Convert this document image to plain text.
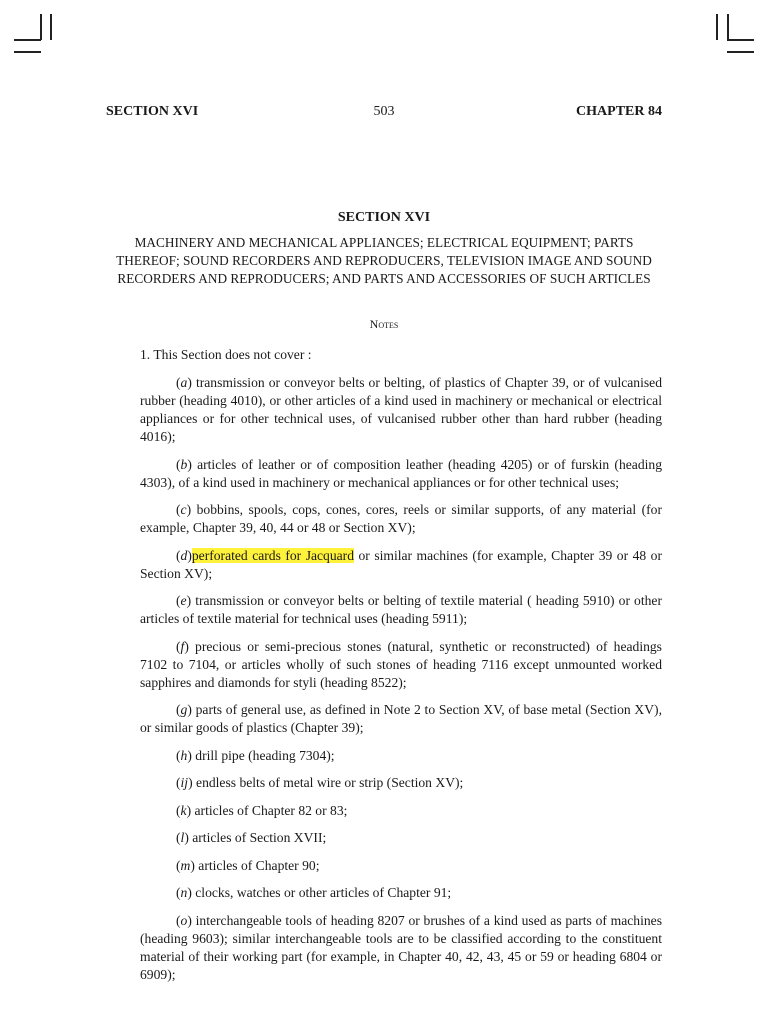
SECTION XVI	503	CHAPTER 84
SECTION XVI
MACHINERY AND MECHANICAL APPLIANCES; ELECTRICAL EQUIPMENT; PARTS THEREOF; SOUND RECORDERS AND REPRODUCERS, TELEVISION IMAGE AND SOUND RECORDERS AND REPRODUCERS; AND PARTS AND ACCESSORIES OF SUCH ARTICLES
Notes

1. This Section does not cover :

(a) transmission or conveyor belts or belting, of plastics of Chapter 39, or of vulcanised rubber (heading 4010), or other articles of a kind used in machinery or mechanical or electrical appliances or for other technical uses, of vulcanised rubber other than hard rubber (heading 4016);

(b) articles of leather or of composition leather (heading 4205) or of furskin (heading 4303), of a kind used in machinery or mechanical appliances or for other technical uses;

(c) bobbins, spools, cops, cones, cores, reels or similar supports, of any material (for example, Chapter 39, 40, 44 or 48 or Section XV);

(d)perforated cards for Jacquard or similar machines (for example, Chapter 39 or 48 or Section XV);

(e) transmission or conveyor belts or belting of textile material ( heading 5910) or other articles of textile material for technical uses (heading 5911);

(f) precious or semi-precious stones (natural, synthetic or reconstructed) of headings 7102 to 7104, or articles wholly of such stones of heading 7116 except unmounted worked sapphires and diamonds for styli (heading 8522);

(g) parts of general use, as defined in Note 2 to Section XV, of base metal (Section XV), or similar goods of plastics (Chapter 39);

(h) drill pipe (heading 7304);

(ij) endless belts of metal wire or strip (Section XV);

(k) articles of Chapter 82 or 83;

(l) articles of Section XVII;

(m) articles of Chapter 90;

(n) clocks, watches or other articles of Chapter 91;

(o) interchangeable tools of heading 8207 or brushes of a kind used as parts of machines (heading 9603); similar interchangeable tools are to be classified according to the constituent material of their working part (for example, in Chapter 40, 42, 43, 45 or 59 or heading 6804 or 6909);
